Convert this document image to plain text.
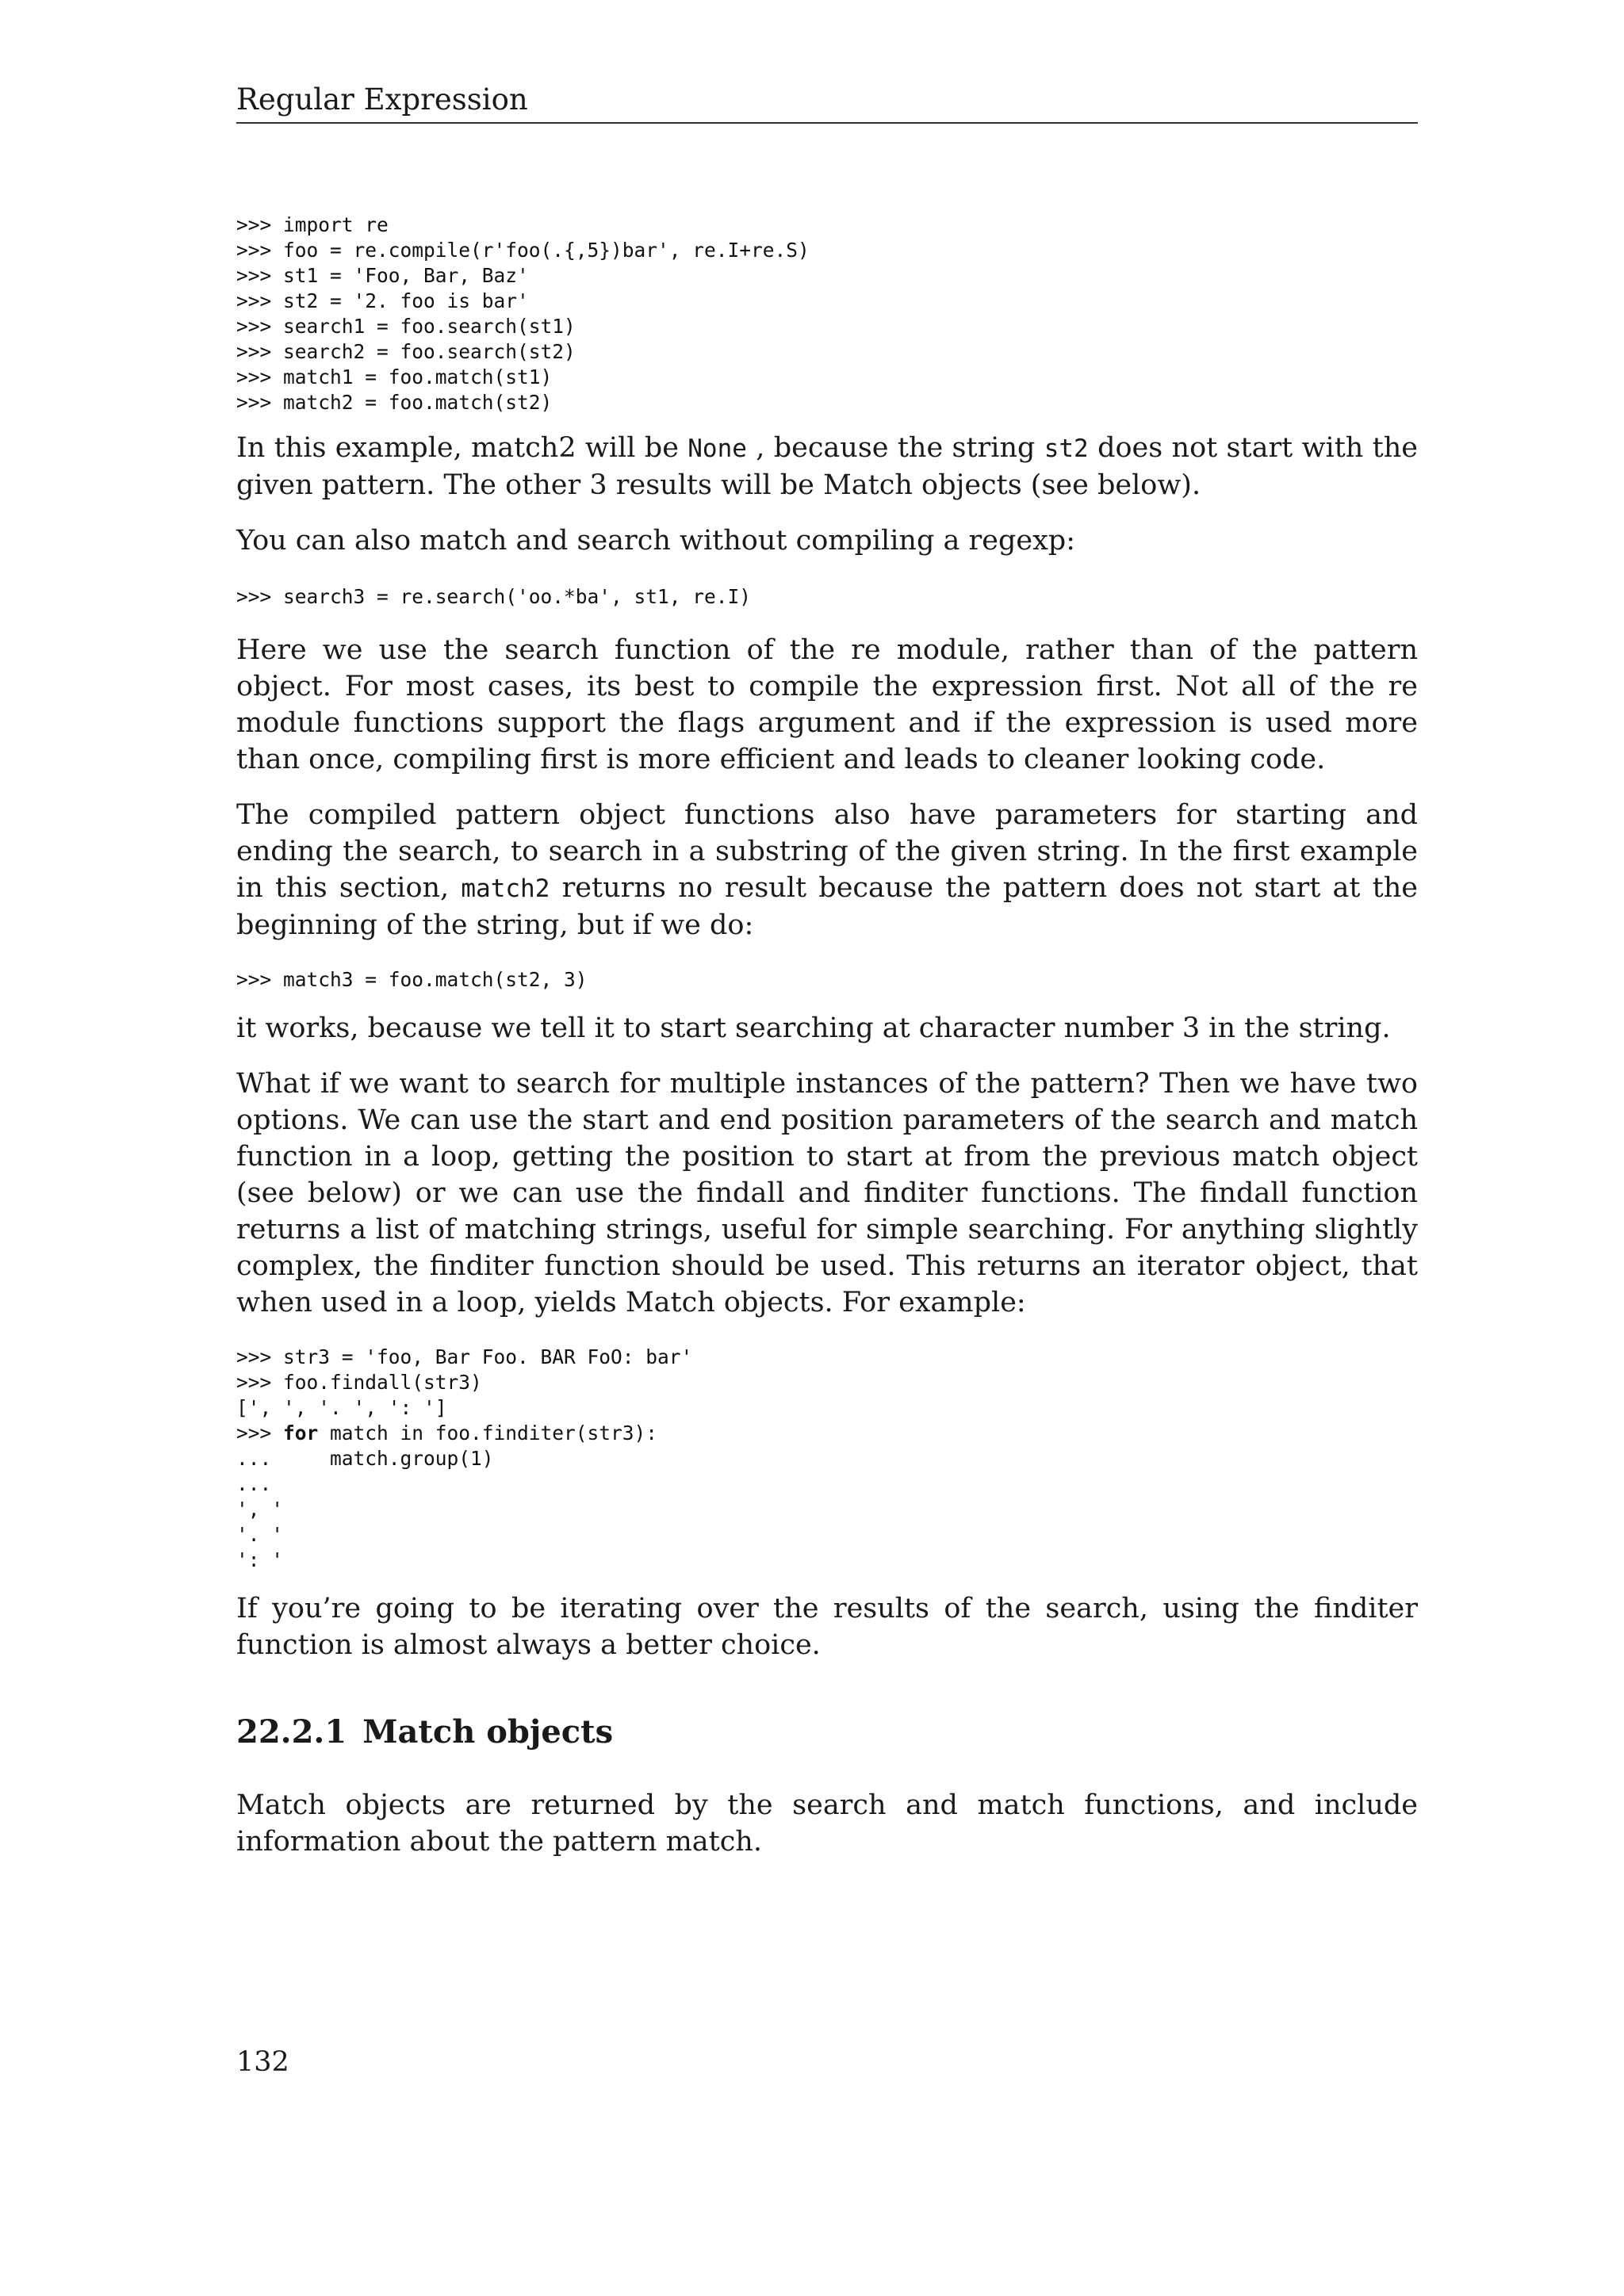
Regular Expression
>>> import re
>>> foo = re.compile(r'foo(.{,5})bar', re.I+re.S)
>>> st1 = 'Foo, Bar, Baz'
>>> st2 = '2. foo is bar'
>>> search1 = foo.search(st1)
>>> search2 = foo.search(st2)
>>> match1 = foo.match(st1)
>>> match2 = foo.match(st2)

In this example, match2 will be None , because the string st2 does not start with the given pattern. The other 3 results will be Match objects (see below).

You can also match and search without compiling a regexp:

>>> search3 = re.search('oo.*ba', st1, re.I)

Here we use the search function of the re module, rather than of the pattern object. For most cases, its best to compile the expression first. Not all of the re module functions support the flags argument and if the expression is used more than once, compiling first is more efficient and leads to cleaner looking code.

The compiled pattern object functions also have parameters for starting and ending the search, to search in a substring of the given string. In the first example in this section, match2 returns no result because the pattern does not start at the beginning of the string, but if we do:

>>> match3 = foo.match(st2, 3)

it works, because we tell it to start searching at character number 3 in the string.

What if we want to search for multiple instances of the pattern? Then we have two options. We can use the start and end position parameters of the search and match function in a loop, getting the position to start at from the previous match object (see below) or we can use the findall and finditer functions. The findall function returns a list of matching strings, useful for simple searching. For anything slightly complex, the finditer function should be used. This returns an iterator object, that when used in a loop, yields Match objects. For example:

>>> str3 = 'foo, Bar Foo. BAR FoO: bar'
>>> foo.findall(str3)
[', ', '. ', ': ']
>>> for match in foo.finditer(str3):
...     match.group(1)
...
', '
'. '
': '

If you’re going to be iterating over the results of the search, using the finditer function is almost always a better choice.

22.2.1  Match objects

Match objects are returned by the search and match functions, and include information about the pattern match.

132
